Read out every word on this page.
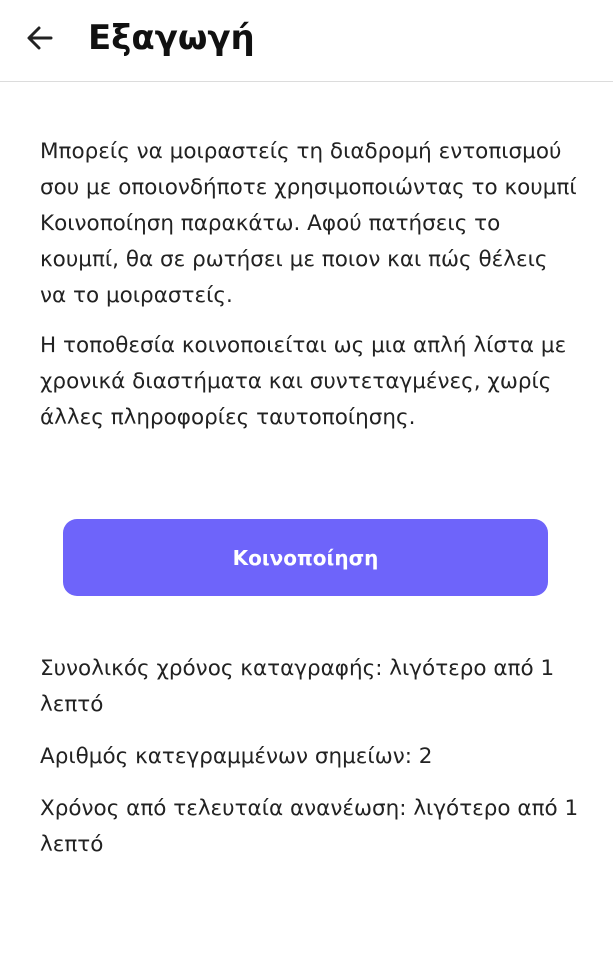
Εξαγωγή

Μπορείς να μοιραστείς τη διαδρομή εντοπισμού σου με οποιονδήποτε χρησιμοποιώντας το κουμπί Κοινοποίηση παρακάτω. Αφού πατήσεις το κουμπί, θα σε ρωτήσει με ποιον και πώς θέλεις να το μοιραστείς.

Η τοποθεσία κοινοποιείται ως μια απλή λίστα με χρονικά διαστήματα και συντεταγμένες, χωρίς άλλες πληροφορίες ταυτοποίησης.

Κοινοποίηση

Συνολικός χρόνος καταγραφής: λιγότερο από 1 λεπτό

Αριθμός κατεγραμμένων σημείων: 2

Χρόνος από τελευταία ανανέωση: λιγότερο από 1 λεπτό
